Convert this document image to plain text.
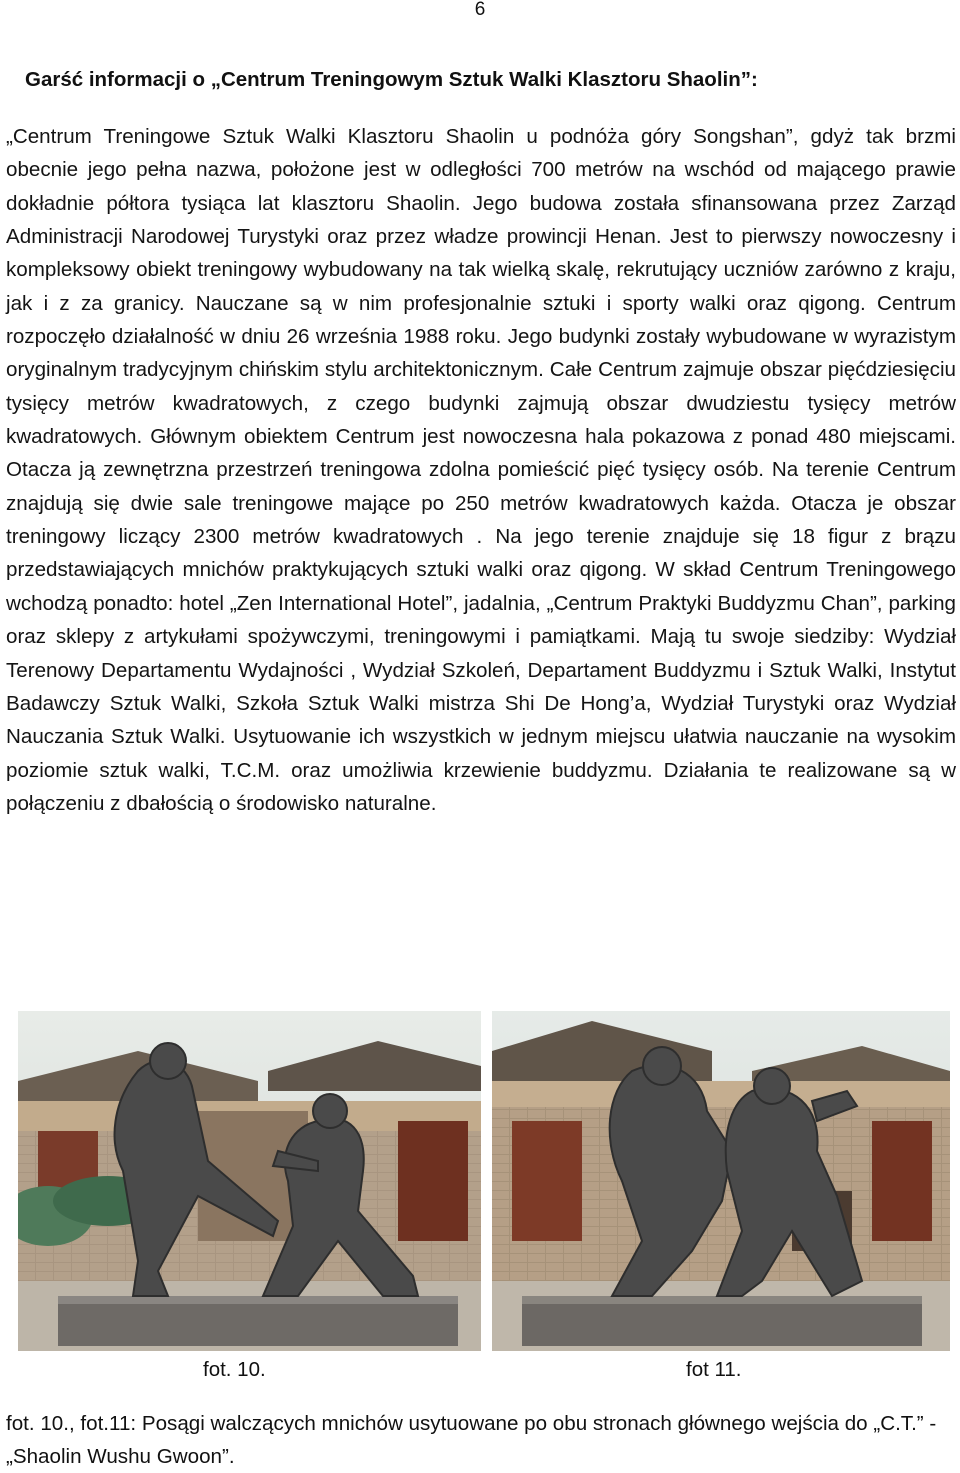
6
Garść informacji o „Centrum Treningowym Sztuk Walki Klasztoru Shaolin”:
„Centrum Treningowe Sztuk Walki Klasztoru Shaolin u podnóża góry Songshan”, gdyż tak brzmi obecnie jego pełna nazwa, położone jest w odległości 700 metrów na wschód od mającego prawie dokładnie półtora tysiąca lat klasztoru Shaolin. Jego budowa została sfinansowana przez Zarząd Administracji Narodowej Turystyki oraz przez władze prowincji Henan. Jest to pierwszy nowoczesny i kompleksowy obiekt treningowy wybudowany na tak wielką skalę, rekrutujący uczniów zarówno z kraju, jak i z za granicy. Nauczane są w nim profesjonalnie sztuki i sporty walki oraz qigong. Centrum rozpoczęło działalność w dniu 26 września 1988 roku. Jego budynki zostały wybudowane w wyrazistym oryginalnym tradycyjnym chińskim stylu architektonicznym. Całe Centrum zajmuje obszar pięćdziesięciu tysięcy metrów kwadratowych, z czego budynki zajmują obszar dwudziestu tysięcy metrów kwadratowych. Głównym obiektem Centrum jest nowoczesna hala pokazowa z ponad 480 miejscami. Otacza ją zewnętrzna przestrzeń treningowa zdolna pomieścić pięć tysięcy osób. Na terenie Centrum znajdują się dwie sale treningowe mające po 250 metrów kwadratowych każda. Otacza je obszar treningowy liczący 2300 metrów kwadratowych . Na jego terenie znajduje się 18 figur z brązu przedstawiających mnichów praktykujących sztuki walki oraz qigong. W skład Centrum Treningowego wchodzą ponadto: hotel „Zen International Hotel”, jadalnia, „Centrum Praktyki Buddyzmu Chan”, parking oraz sklepy z artykułami spożywczymi, treningowymi i pamiątkami. Mają tu swoje siedziby: Wydział Terenowy Departamentu Wydajności , Wydział Szkoleń, Departament Buddyzmu i Sztuk Walki, Instytut Badawczy Sztuk Walki, Szkoła Sztuk Walki mistrza Shi De Hong’a, Wydział Turystyki oraz Wydział Nauczania Sztuk Walki. Usytuowanie ich wszystkich w jednym miejscu ułatwia nauczanie na wysokim poziomie sztuk walki, T.C.M. oraz umożliwia krzewienie buddyzmu. Działania te realizowane są w połączeniu z dbałością o środowisko naturalne.
fot. 10.	fot 11.
fot. 10., fot.11: Posągi walczących mnichów usytuowane po obu stronach głównego wejścia do „C.T.” - „Shaolin Wushu Gwoon”.
